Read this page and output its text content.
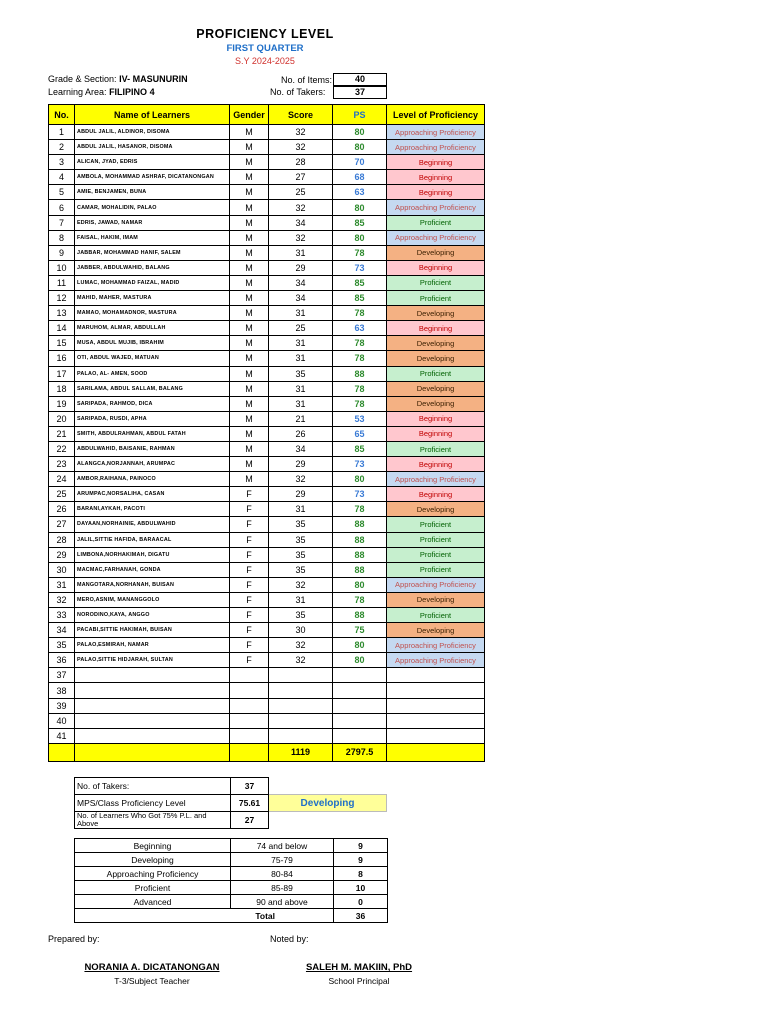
PROFICIENCY LEVEL
FIRST QUARTER
S.Y 2024-2025
Grade & Section: IV- MASUNURIN
Learning Area: FILIPINO 4
No. of Items:	40
No. of Takers:	37
No.	Name of Learners	Gender	Score	PS	Level of Proficiency
1	ABDUL JALIL, ALDINOR, DISOMA	M	32	80	Approaching Proficiency
2	ABDUL JALIL, HASANOR, DISOMA	M	32	80	Approaching Proficiency
3	ALICAN, JYAD, EDRIS	M	28	70	Beginning
4	AMBOLA, MOHAMMAD ASHRAF, DICATANONGAN	M	27	68	Beginning
5	AMIE, BENJAMEN, BUNA	M	25	63	Beginning
6	CAMAR, MOHALIDIN, PALAO	M	32	80	Approaching Proficiency
7	EDRIS, JAWAD, NAMAR	M	34	85	Proficient
8	FAISAL, HAKIM, IMAM	M	32	80	Approaching Proficiency
9	JABBAR, MOHAMMAD HANIF, SALEM	M	31	78	Developing
10	JABBER, ABDULWAHID, BALANG	M	29	73	Beginning
11	LUMAC, MOHAMMAD FAIZAL, MADID	M	34	85	Proficient
12	MAHID, MAHER, MASTURA	M	34	85	Proficient
13	MAMAO, MOHAMADNOR, MASTURA	M	31	78	Developing
14	MARUHOM, ALMAR, ABDULLAH	M	25	63	Beginning
15	MUSA, ABDUL MUJIB, IBRAHIM	M	31	78	Developing
16	OTI, ABDUL WAJED, MATUAN	M	31	78	Developing
17	PALAO, AL- AMEN, SOOD	M	35	88	Proficient
18	SARILAMA, ABDUL SALLAM, BALANG	M	31	78	Developing
19	SARIPADA, RAHMOD, DICA	M	31	78	Developing
20	SARIPADA, RUSDI, APHA	M	21	53	Beginning
21	SMITH, ABDULRAHMAN, ABDUL FATAH	M	26	65	Beginning
22	ABDULWAHID, BAISANIE, RAHMAN	M	34	85	Proficient
23	ALANGCA,NORJANNAH, ARUMPAC	M	29	73	Beginning
24	AMBOR,RAIHANA, PAINOCO	M	32	80	Approaching Proficiency
25	ARUMPAC,NORSALIHA, CASAN	F	29	73	Beginning
26	BARANI,AYKAH, PACOTI	F	31	78	Developing
27	DAYAAN,NORHAINIE, ABDULWAHID	F	35	88	Proficient
28	JALIL,SITTIE HAFIDA, BARAACAL	F	35	88	Proficient
29	LIMBONA,NORHAKIMAH, DIGATU	F	35	88	Proficient
30	MACMAC,FARHANAH, GONDA	F	35	88	Proficient
31	MANGOTARA,NORHANAH, BUISAN	F	32	80	Approaching Proficiency
32	MERO,ASNIM, MANANGGOLO	F	31	78	Developing
33	NORODINO,KAYA, ANGGO	F	35	88	Proficient
34	PACABI,SITTIE HAKIMAH, BUISAN	F	30	75	Developing
35	PALAO,ESMIRAH, NAMAR	F	32	80	Approaching Proficiency
36	PALAO,SITTIE HIDJARAH, SULTAN	F	32	80	Approaching Proficiency
37					
38					
39					
40					
41					
			1119	2797.5	
No. of Takers:	37	
MPS/Class Proficiency Level	75.61	Developing
No. of Learners Who Got 75% P.L. and Above	27	
Beginning	74 and below	9
Developing	75-79	9
Approaching Proficiency	80-84	8
Proficient	85-89	10
Advanced	90 and above	0
Total		36
Prepared by:	Noted by:
NORANIA A. DICATANONGAN
T-3/Subject Teacher
SALEH M. MAKIIN, PhD
School Principal
